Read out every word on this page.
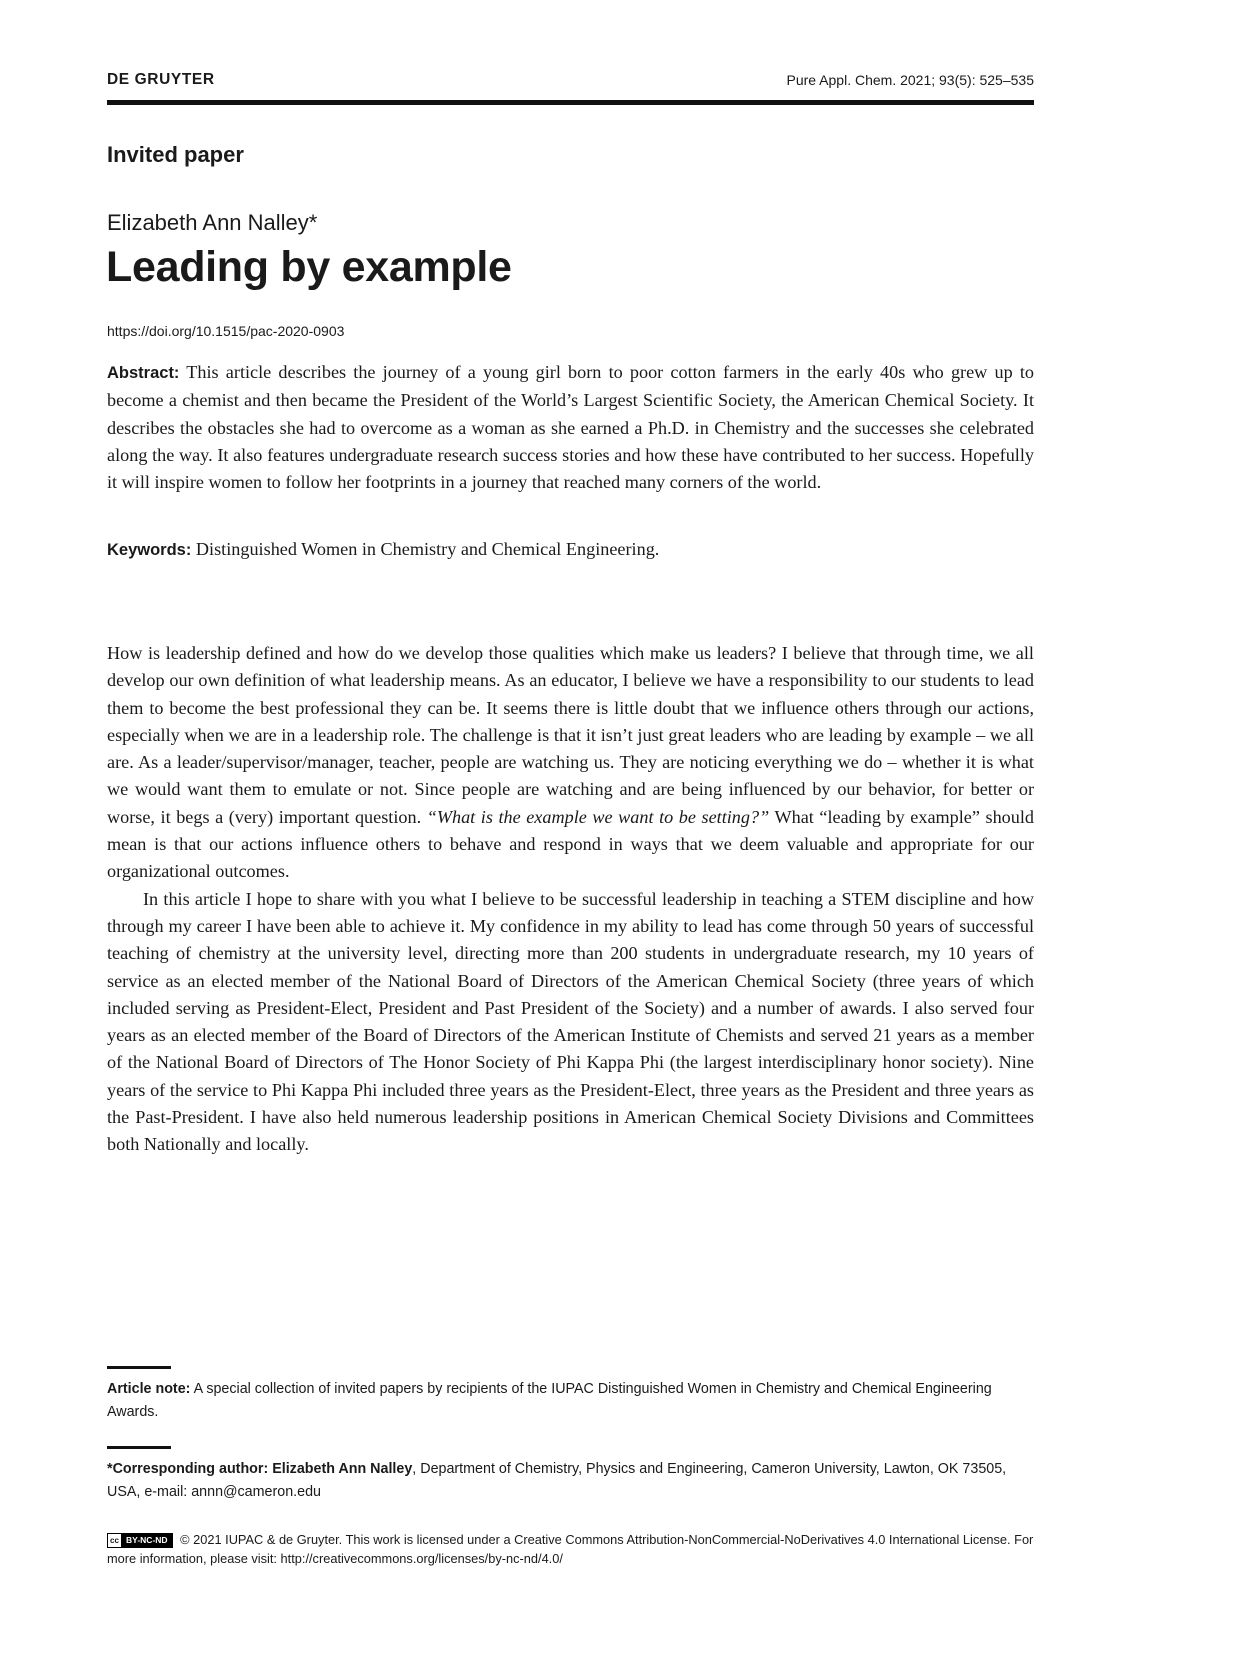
DE GRUYTER	Pure Appl. Chem. 2021; 93(5): 525–535
Invited paper
Elizabeth Ann Nalley*
Leading by example
https://doi.org/10.1515/pac-2020-0903

Abstract: This article describes the journey of a young girl born to poor cotton farmers in the early 40s who grew up to become a chemist and then became the President of the World’s Largest Scientific Society, the American Chemical Society. It describes the obstacles she had to overcome as a woman as she earned a Ph.D. in Chemistry and the successes she celebrated along the way. It also features undergraduate research success stories and how these have contributed to her success. Hopefully it will inspire women to follow her footprints in a journey that reached many corners of the world.

Keywords: Distinguished Women in Chemistry and Chemical Engineering.

How is leadership defined and how do we develop those qualities which make us leaders? I believe that through time, we all develop our own definition of what leadership means. As an educator, I believe we have a responsibility to our students to lead them to become the best professional they can be. It seems there is little doubt that we influence others through our actions, especially when we are in a leadership role. The challenge is that it isn’t just great leaders who are leading by example – we all are. As a leader/supervisor/manager, teacher, people are watching us. They are noticing everything we do – whether it is what we would want them to emulate or not. Since people are watching and are being influenced by our behavior, for better or worse, it begs a (very) important question. “What is the example we want to be setting?” What “leading by example” should mean is that our actions influence others to behave and respond in ways that we deem valuable and appropriate for our organizational outcomes.

In this article I hope to share with you what I believe to be successful leadership in teaching a STEM discipline and how through my career I have been able to achieve it. My confidence in my ability to lead has come through 50 years of successful teaching of chemistry at the university level, directing more than 200 students in undergraduate research, my 10 years of service as an elected member of the National Board of Directors of the American Chemical Society (three years of which included serving as President-Elect, President and Past President of the Society) and a number of awards. I also served four years as an elected member of the Board of Directors of the American Institute of Chemists and served 21 years as a member of the National Board of Directors of The Honor Society of Phi Kappa Phi (the largest interdisciplinary honor society). Nine years of the service to Phi Kappa Phi included three years as the President-Elect, three years as the President and three years as the Past-President. I have also held numerous leadership positions in American Chemical Society Divisions and Committees both Nationally and locally.

Article note: A special collection of invited papers by recipients of the IUPAC Distinguished Women in Chemistry and Chemical Engineering Awards.

*Corresponding author: Elizabeth Ann Nalley, Department of Chemistry, Physics and Engineering, Cameron University, Lawton, OK 73505, USA, e-mail: annn@cameron.edu

cc BY-NC-ND © 2021 IUPAC & de Gruyter. This work is licensed under a Creative Commons Attribution-NonCommercial-NoDerivatives 4.0 International License. For more information, please visit: http://creativecommons.org/licenses/by-nc-nd/4.0/
